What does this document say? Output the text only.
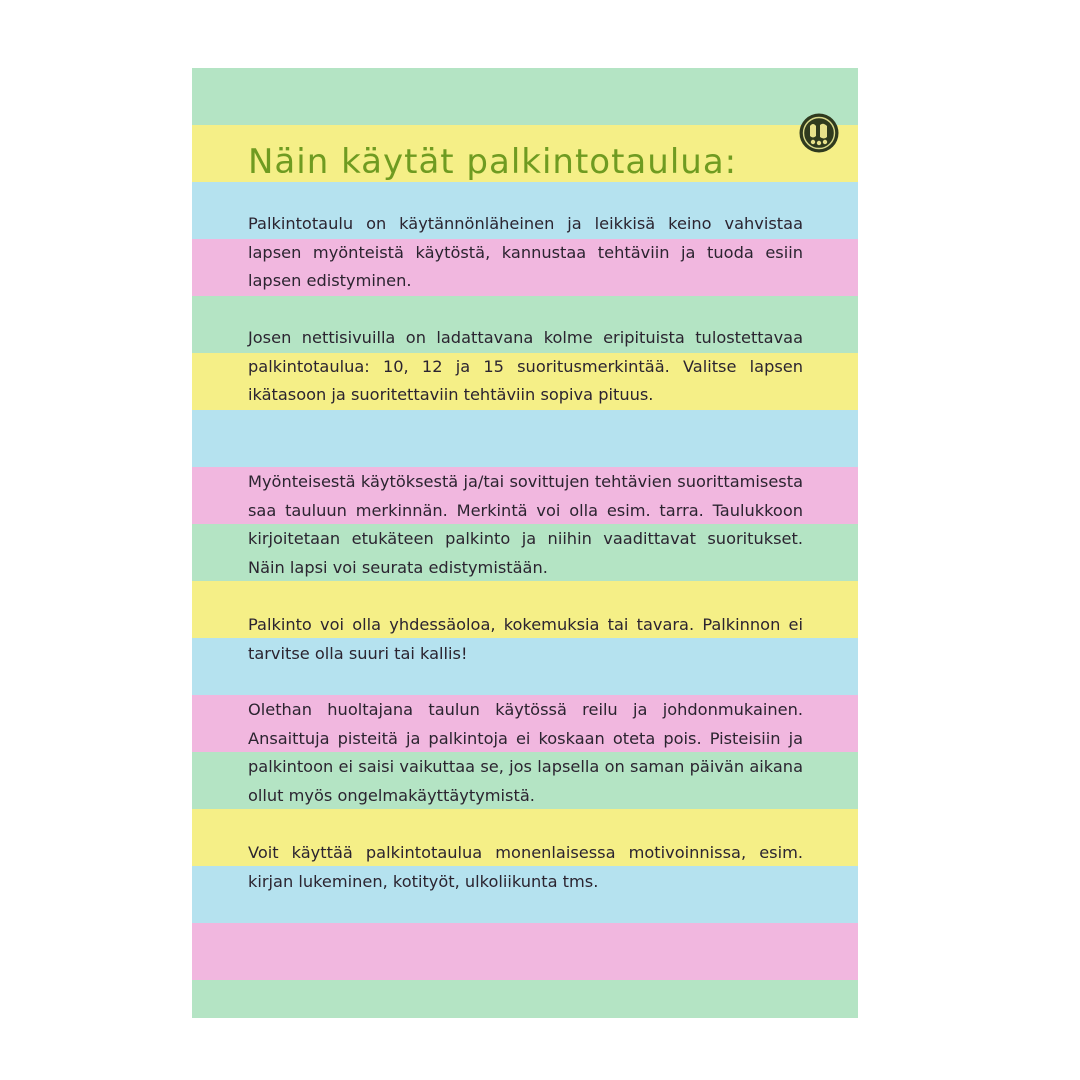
Näin käytät palkintotaulua:

Palkintotaulu on käytännönläheinen ja leikkisä keino vahvistaa lapsen myönteistä käytöstä, kannustaa tehtäviin ja tuoda esiin lapsen edistyminen.

Josen nettisivuilla on ladattavana kolme eripituista tulostettavaa palkintotaulua: 10, 12 ja 15 suoritusmerkintää. Valitse lapsen ikätasoon ja suoritettaviin tehtäviin sopiva pituus.

Myönteisestä käytöksestä ja/tai sovittujen tehtävien suorittamisesta saa tauluun merkinnän. Merkintä voi olla esim. tarra. Taulukkoon kirjoitetaan etukäteen palkinto ja niihin vaadittavat suoritukset. Näin lapsi voi seurata edistymistään.

Palkinto voi olla yhdessäoloa, kokemuksia tai tavara. Palkinnon ei tarvitse olla suuri tai kallis!

Olethan huoltajana taulun käytössä reilu ja johdonmukainen. Ansaittuja pisteitä ja palkintoja ei koskaan oteta pois. Pisteisiin ja palkintoon ei saisi vaikuttaa se, jos lapsella on saman päivän aikana ollut myös ongelmakäyttäytymistä.

Voit käyttää palkintotaulua monenlaisessa motivoinnissa, esim. kirjan lukeminen, kotityöt, ulkoliikunta tms.
